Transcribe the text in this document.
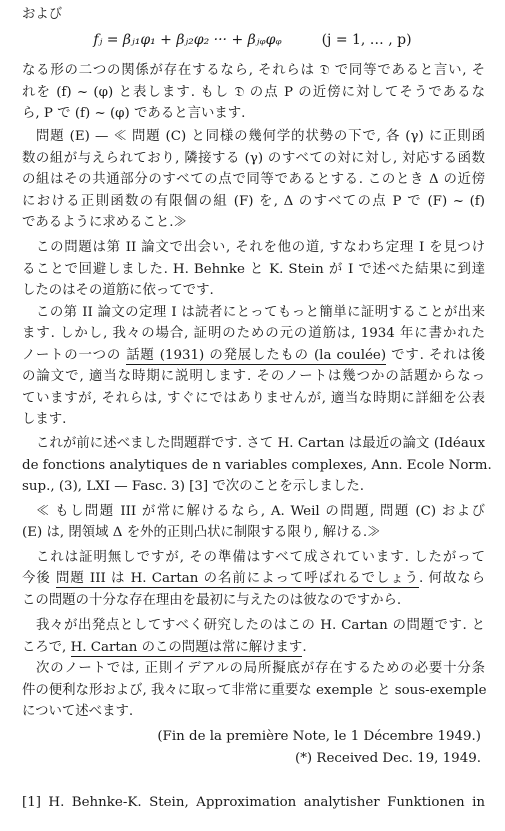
および
fⱼ = βⱼ₁φ₁ + βⱼ₂φ₂ ··· + βⱼᵩφᵩ	(j = 1, … , p)
なる形の二つの関係が存在するなら, それらは 𝔇 で同等であると言い, そ
れを (f) ~ (φ) と表します. もし 𝔇 の点 P の近傍に対してそうであるな
ら, P で (f) ~ (φ) であると言います.
問題 (E) — ≪ 問題 (C) と同様の幾何学的状勢の下で, 各 (γ) に正則函
数の組が与えられており, 隣接する (γ) のすべての対に対し, 対応する函数
の組はその共通部分のすべての点で同等であるとする. このとき Δ の近傍
における正則函数の有限個の組 (F) を, Δ のすべての点 P で (F) ~ (f)
であるように求めること.≫
この問題は第 II 論文で出会い, それを他の道, すなわち定理 I を見つけ
ることで回避しました. H. Behnke と K. Stein が I で述べた結果に到達
したのはその道筋に依ってです.
この第 II 論文の定理 I は読者にとってもっと簡単に証明することが出来
ます. しかし, 我々の場合, 証明のための元の道筋は, 1934 年に書かれた
ノートの一つの 話題 (1931) の発展したもの (la coulée) です. それは後
の論文で, 適当な時期に説明します. そのノートは幾つかの話題からなっ
ていますが, それらは, すぐにではありませんが, 適当な時期に詳細を公表
します.
これが前に述べました問題群です. さて H. Cartan は最近の論文 (Idéaux
de fonctions analytiques de n variables complexes, Ann. Ecole Norm.
sup., (3), LXI — Fasc. 3) [3] で次のことを示しました.
≪ もし問題 III が常に解けるなら, A. Weil の問題, 問題 (C) および
(E) は, 閉領域 Δ を外的正則凸状に制限する限り, 解ける.≫
これは証明無しですが, その準備はすべて成されています. したがって
今後 問題 III は H. Cartan の名前によって呼ばれるでしょう. 何故なら
この問題の十分な存在理由を最初に与えたのは彼なのですから.
我々が出発点としてすべく研究したのはこの H. Cartan の問題です. と
ころで, H. Cartan のこの問題は常に解けます.
次のノートでは, 正則イデアルの局所擬底が存在するための必要十分条
件の便利な形および, 我々に取って非常に重要な exemple と sous-exemple
について述べます.
(Fin de la première Note, le 1 Décembre 1949.)
(*) Received Dec. 19, 1949.
[1] H. Behnke-K. Stein, Approximation analytisher Funktionen in
